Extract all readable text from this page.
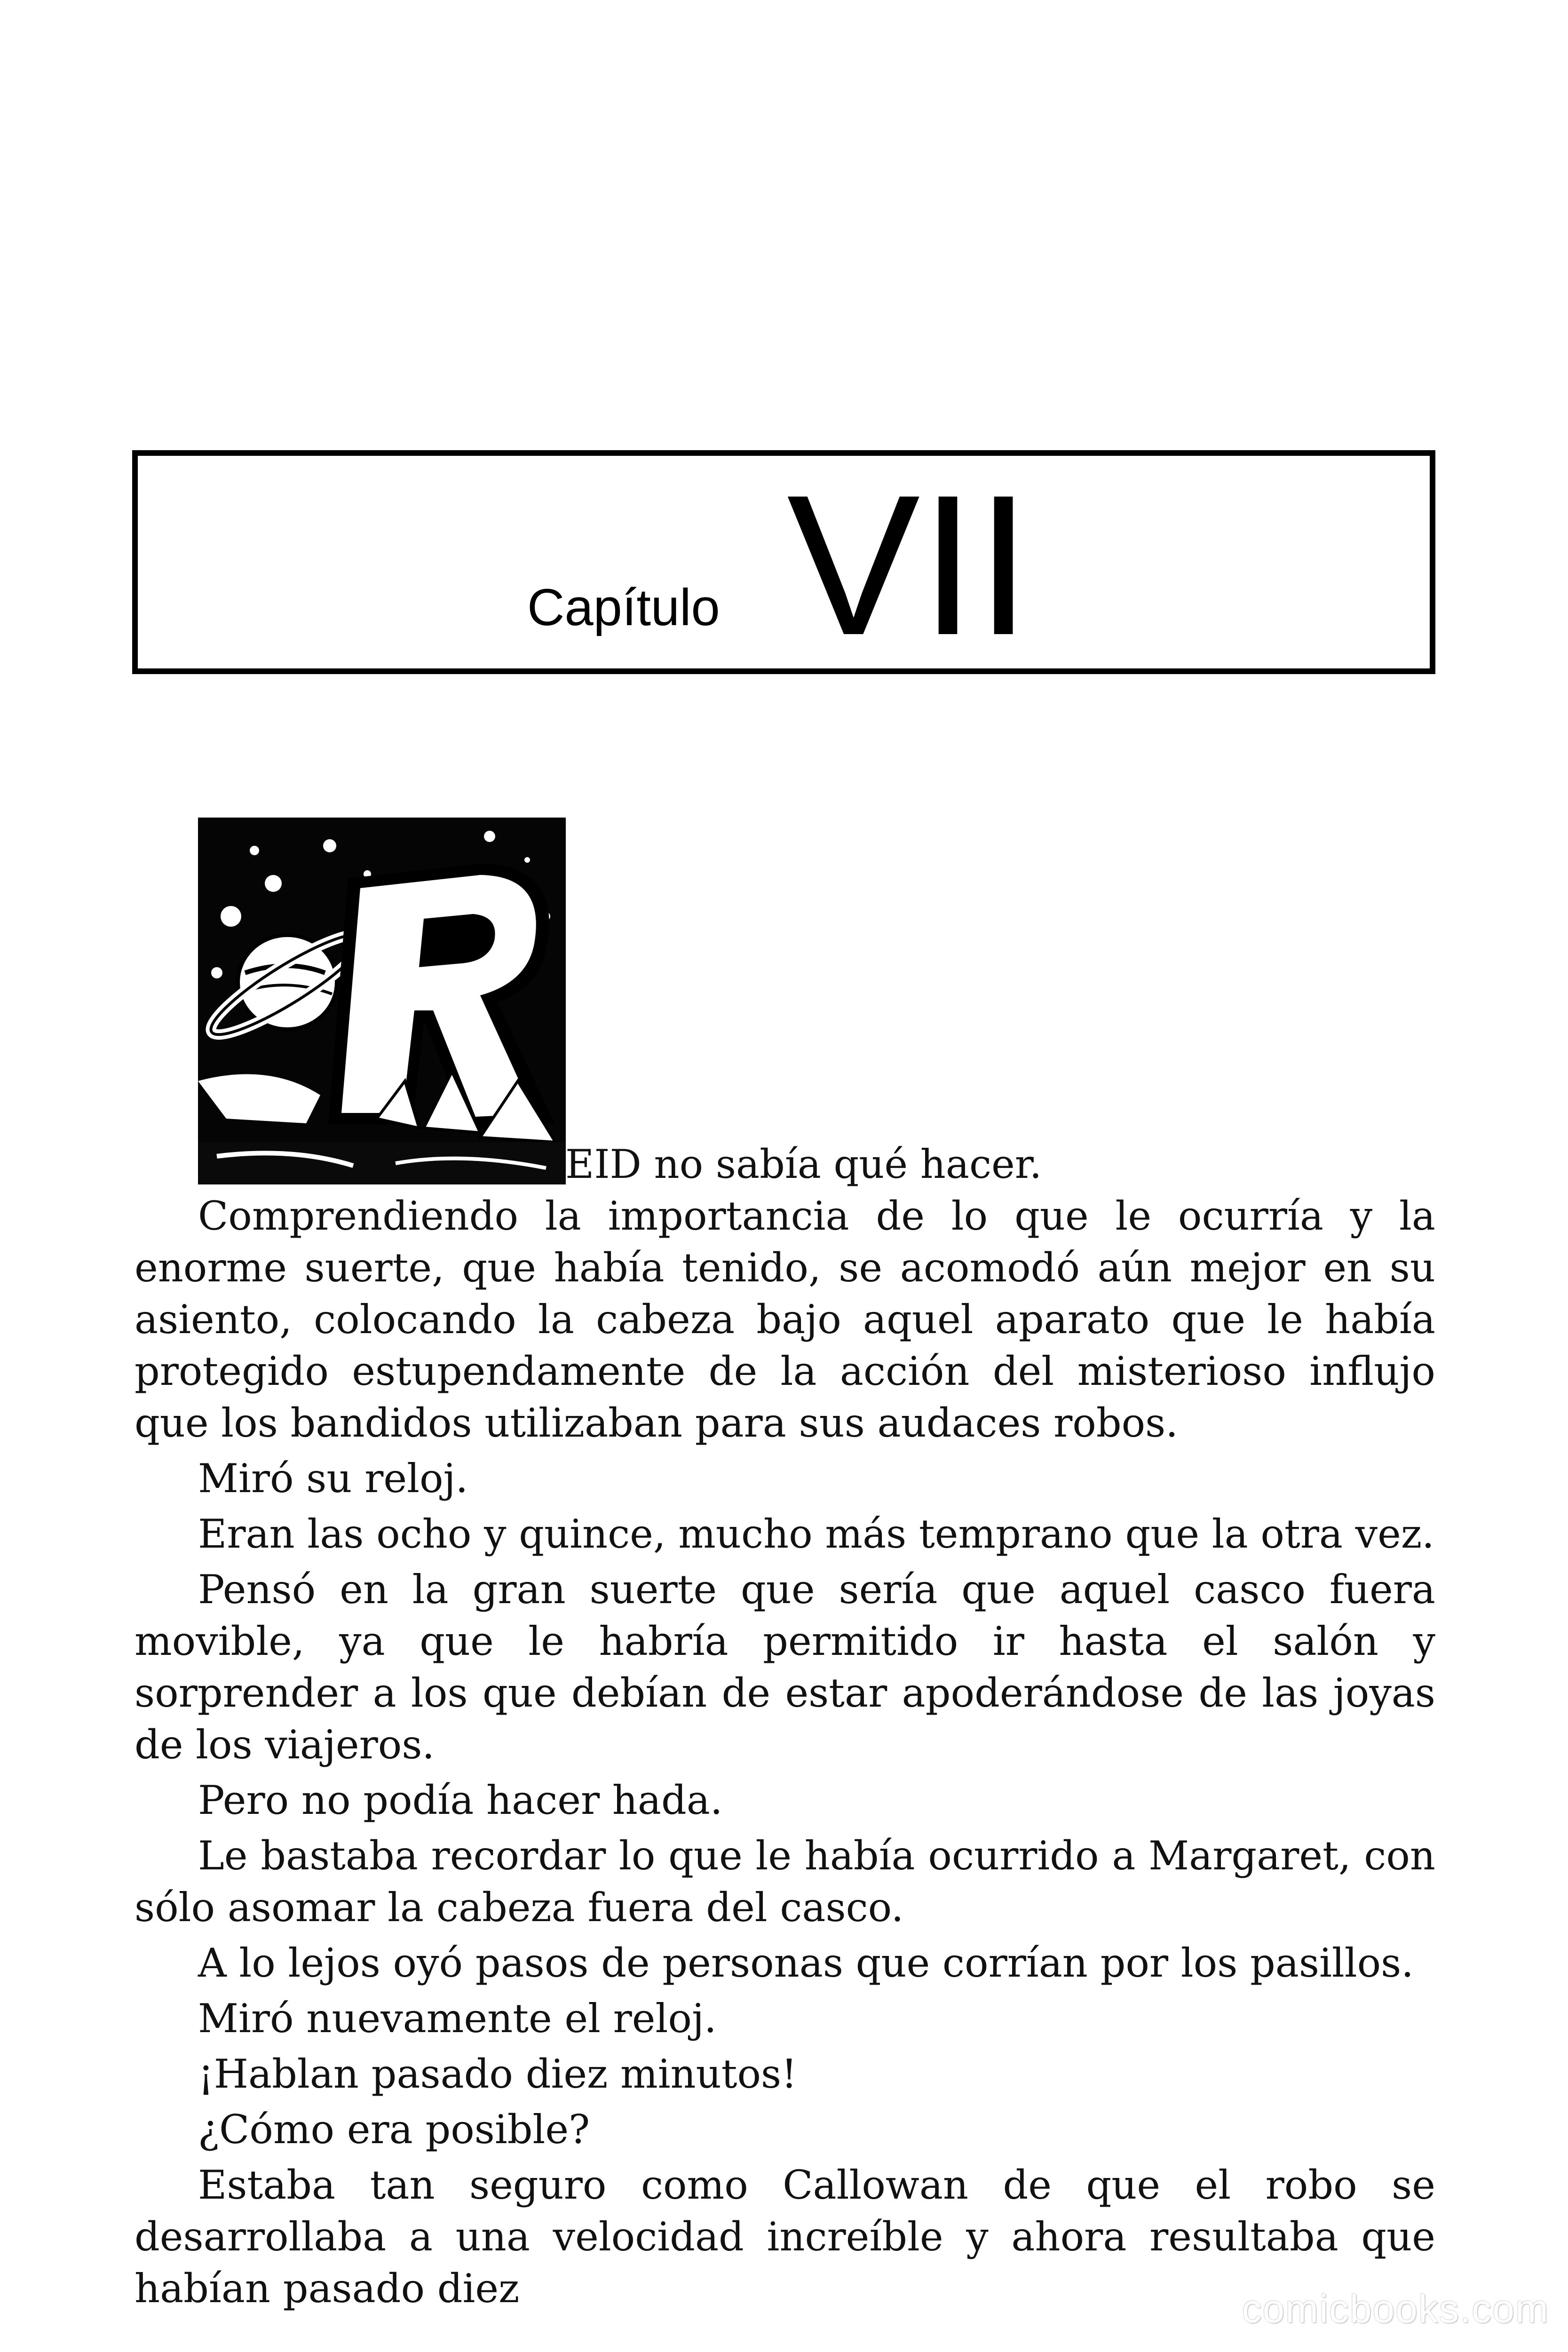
Capítulo VII
EID no sabía qué hacer.

Comprendiendo la importancia de lo que le ocurría y la enorme suerte, que había tenido, se acomodó aún mejor en su asiento, colocando la cabeza bajo aquel aparato que le había protegido estupendamente de la acción del misterioso influjo que los bandidos utilizaban para sus audaces robos.

Miró su reloj.

Eran las ocho y quince, mucho más temprano que la otra vez.

Pensó en la gran suerte que sería que aquel casco fuera movible, ya que le habría permitido ir hasta el salón y sorprender a los que debían de estar apoderándose de las joyas de los viajeros.

Pero no podía hacer hada.

Le bastaba recordar lo que le había ocurrido a Margaret, con sólo asomar la cabeza fuera del casco.

A lo lejos oyó pasos de personas que corrían por los pasillos.

Miró nuevamente el reloj.

¡Hablan pasado diez minutos!

¿Cómo era posible?

Estaba tan seguro como Callowan de que el robo se desarrollaba a una velocidad increíble y ahora resultaba que habían pasado diez	comicbooks.com
